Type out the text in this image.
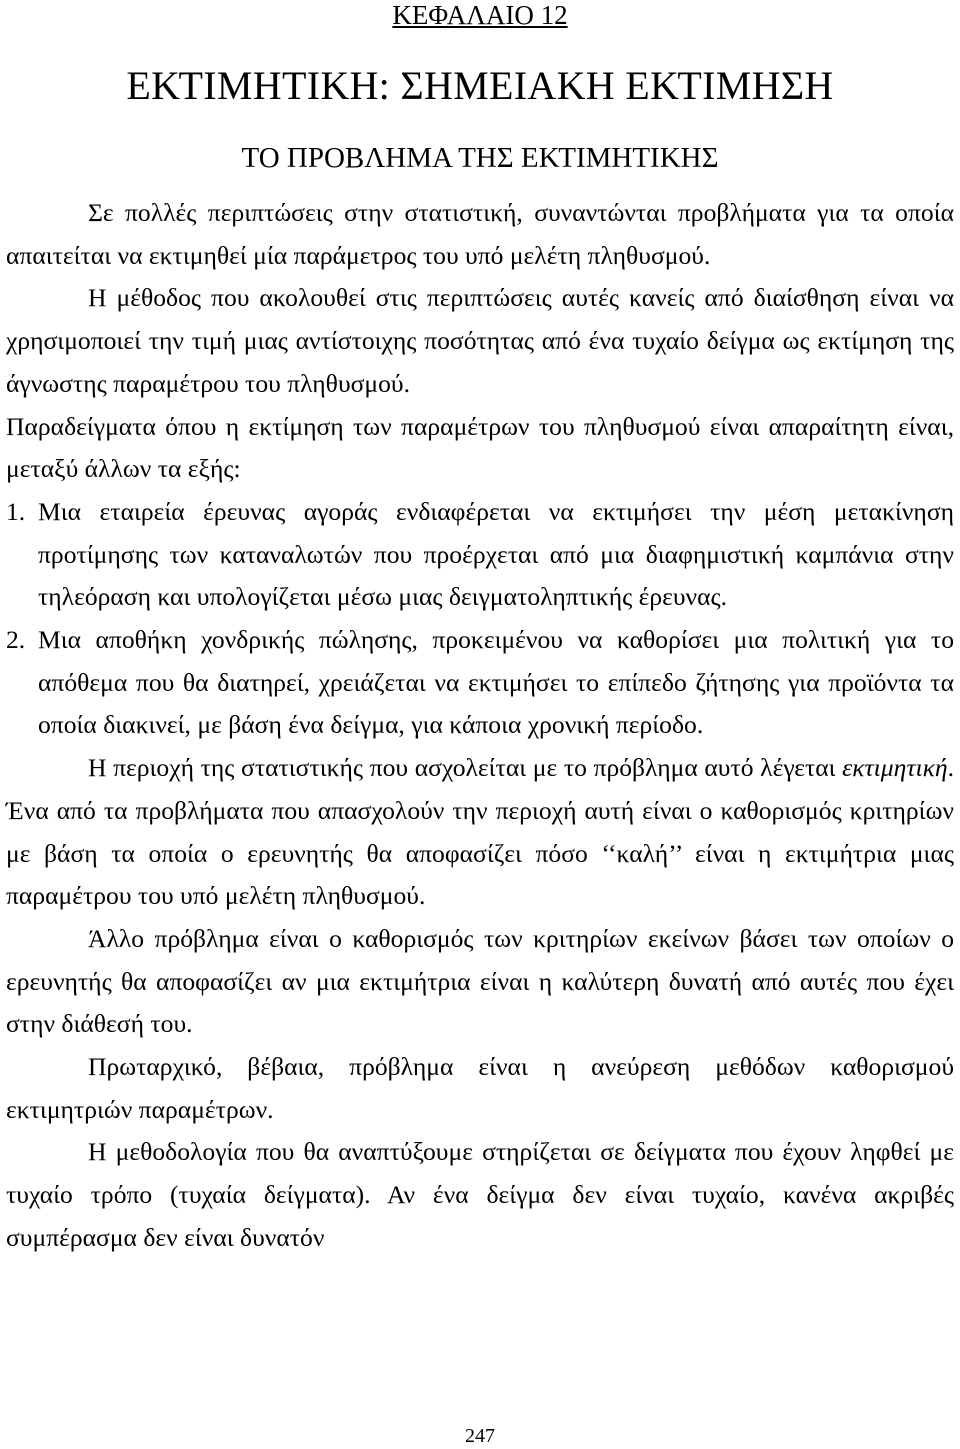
ΚΕΦΑΛΑΙΟ 12
ΕΚΤΙΜΗΤΙΚΗ: ΣΗΜΕΙΑΚΗ ΕΚΤΙΜΗΣΗ
ΤΟ ΠΡΟΒΛΗΜΑ ΤΗΣ ΕΚΤΙΜΗΤΙΚΗΣ

Σε πολλές περιπτώσεις στην στατιστική, συναντώνται προβλήματα για τα οποία απαιτείται να εκτιμηθεί μία παράμετρος του υπό μελέτη πληθυσμού.

Η μέθοδος που ακολουθεί στις περιπτώσεις αυτές κανείς από διαίσθηση είναι να χρησιμοποιεί την τιμή μιας αντίστοιχης ποσότητας από ένα τυχαίο δείγμα ως εκτίμηση της άγνωστης παραμέτρου του πληθυσμού.

Παραδείγματα όπου η εκτίμηση των παραμέτρων του πληθυσμού είναι απαραίτητη είναι, μεταξύ άλλων τα εξής:

1. Μια εταιρεία έρευνας αγοράς ενδιαφέρεται να εκτιμήσει την μέση μετακίνηση προτίμησης των καταναλωτών που προέρχεται από μια διαφημιστική καμπάνια στην τηλεόραση και υπολογίζεται μέσω μιας δειγματοληπτικής έρευνας.
2. Μια αποθήκη χονδρικής πώλησης, προκειμένου να καθορίσει μια πολιτική για το απόθεμα που θα διατηρεί, χρειάζεται να εκτιμήσει το επίπεδο ζήτησης για προϊόντα τα οποία διακινεί, με βάση ένα δείγμα, για κάποια χρονική περίοδο.

Η περιοχή της στατιστικής που ασχολείται με το πρόβλημα αυτό λέγεται εκτιμητική. Ένα από τα προβλήματα που απασχολούν την περιοχή αυτή είναι ο καθορισμός κριτηρίων με βάση τα οποία ο ερευνητής θα αποφασίζει πόσο ‘‘καλή’’ είναι η εκτιμήτρια μιας παραμέτρου του υπό μελέτη πληθυσμού.

Άλλο πρόβλημα είναι ο καθορισμός των κριτηρίων εκείνων βάσει των οποίων ο ερευνητής θα αποφασίζει αν μια εκτιμήτρια είναι η καλύτερη δυνατή από αυτές που έχει στην διάθεσή του.

Πρωταρχικό, βέβαια, πρόβλημα είναι η ανεύρεση μεθόδων καθορισμού εκτιμητριών παραμέτρων.

Η μεθοδολογία που θα αναπτύξουμε στηρίζεται σε δείγματα που έχουν ληφθεί με τυχαίο τρόπο (τυχαία δείγματα). Αν ένα δείγμα δεν είναι τυχαίο, κανένα ακριβές συμπέρασμα δεν είναι δυνατόν

247
